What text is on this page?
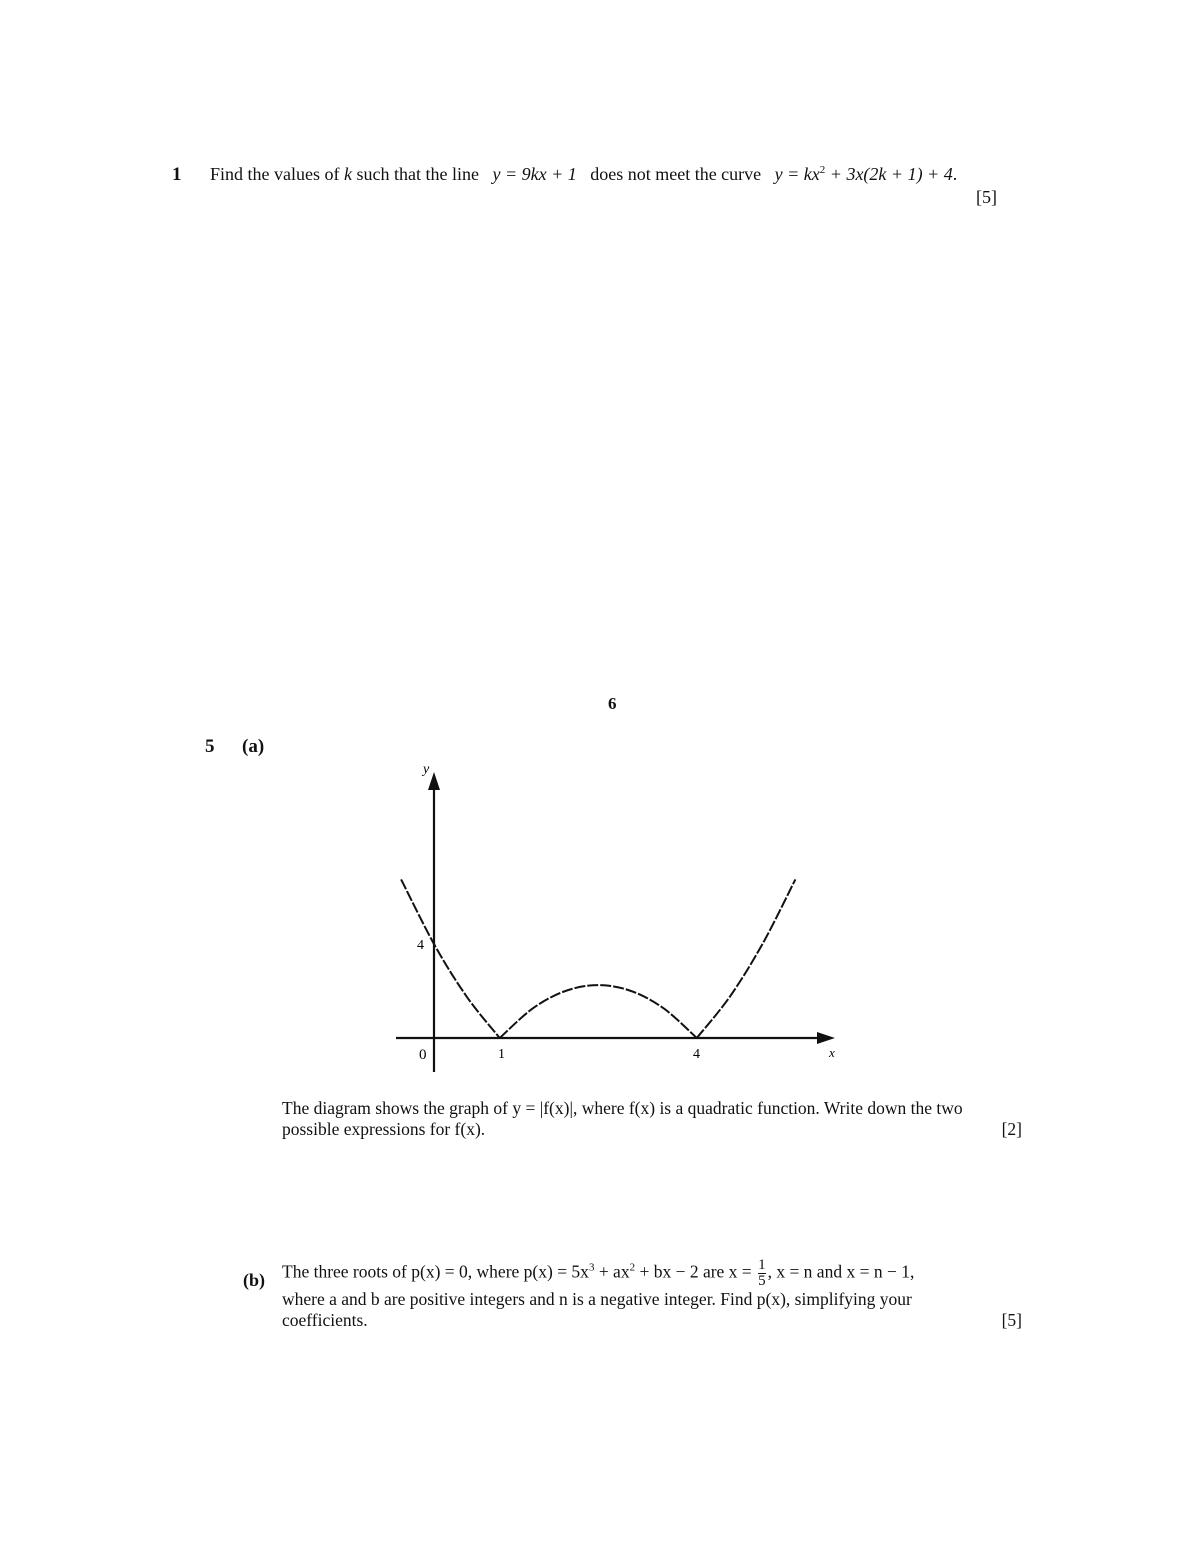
1 Find the values of k such that the line   y = 9kx + 1   does not meet the curve   $y = kx^2 + 3x(2k + 1) + 4$.
[5]
6
5 (a)
y
x
0
4
1	4
The diagram shows the graph of y = |f(x)|, where f(x) is a quadratic function. Write down the two
possible expressions for f(x).	[2]
(b) The three roots of p(x) = 0, where $p(x) = 5x^3 + ax^2$ + bx − 2 are $x = \frac{1}{5}$ , x = n and x = n − 1,
where a and b are positive integers and n is a negative integer. Find p(x), simplifying your
coefficients.	[5]
